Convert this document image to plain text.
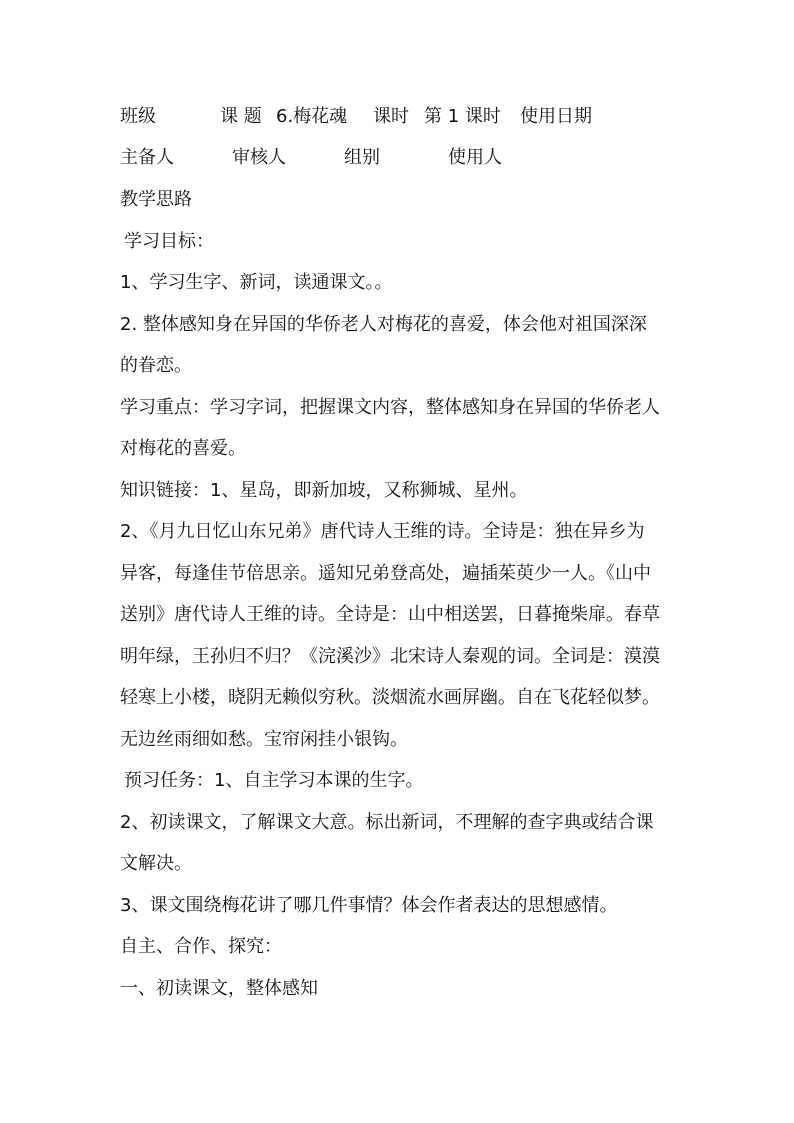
班级	课 题 6.梅花魂 课时 第 1 课时 使用日期
主备人	审核人	组别	使用人
教学思路
学习目标：
1、学习生字、新词，读通课文。。
2. 整体感知身在异国的华侨老人对梅花的喜爱，体会他对祖国深深
的眷恋。
学习重点：学习字词，把握课文内容，整体感知身在异国的华侨老人
对梅花的喜爱。
知识链接：1、星岛，即新加坡，又称狮城、星州。
2、《月九日忆山东兄弟》唐代诗人王维的诗。全诗是：独在异乡为
异客，每逢佳节倍思亲。遥知兄弟登高处，遍插茱萸少一人。《山中
送别》唐代诗人王维的诗。全诗是：山中相送罢，日暮掩柴扉。春草
明年绿，王孙归不归？《浣溪沙》北宋诗人秦观的词。全词是：漠漠
轻寒上小楼，晓阴无赖似穷秋。淡烟流水画屏幽。自在飞花轻似梦。
无边丝雨细如愁。宝帘闲挂小银钩。
预习任务：1、自主学习本课的生字。
2、初读课文，了解课文大意。标出新词，不理解的查字典或结合课
文解决。
3、课文围绕梅花讲了哪几件事情？体会作者表达的思想感情。
自主、合作、探究：
一、初读课文，整体感知
